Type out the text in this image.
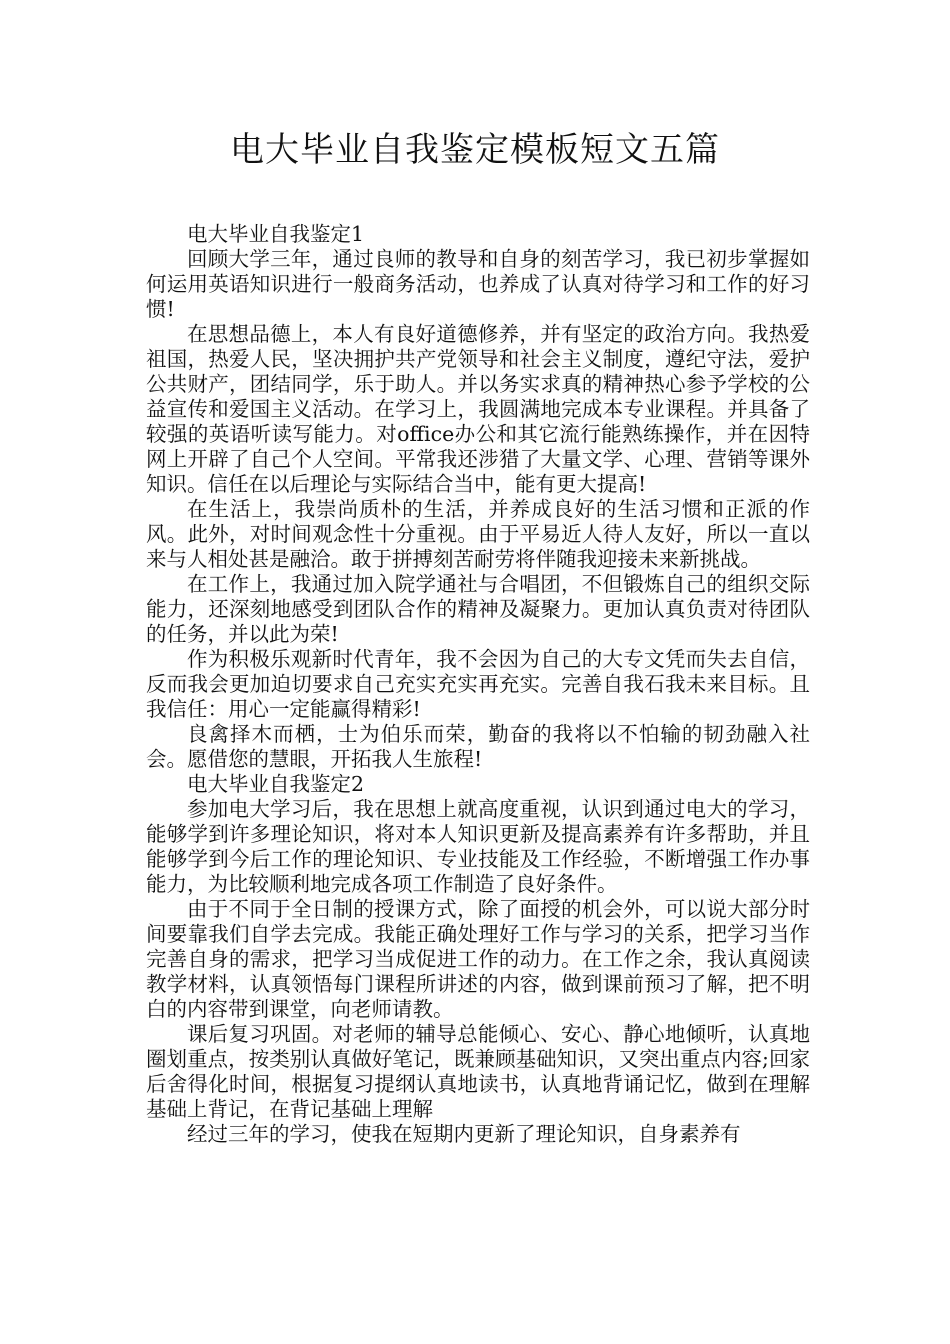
电大毕业自我鉴定模板短文五篇

电大毕业自我鉴定1

回顾大学三年，通过良师的教导和自身的刻苦学习，我已初步掌握如何运用英语知识进行一般商务活动，也养成了认真对待学习和工作的好习惯!

在思想品德上，本人有良好道德修养，并有坚定的政治方向。我热爱祖国，热爱人民，坚决拥护共产党领导和社会主义制度，遵纪守法，爱护公共财产，团结同学，乐于助人。并以务实求真的精神热心参予学校的公益宣传和爱国主义活动。在学习上，我圆满地完成本专业课程。并具备了较强的英语听读写能力。对office办公和其它流行能熟练操作，并在因特网上开辟了自己个人空间。平常我还涉猎了大量文学、心理、营销等课外知识。信任在以后理论与实际结合当中，能有更大提高!

在生活上，我崇尚质朴的生活，并养成良好的生活习惯和正派的作风。此外，对时间观念性十分重视。由于平易近人待人友好，所以一直以来与人相处甚是融洽。敢于拼搏刻苦耐劳将伴随我迎接未来新挑战。

在工作上，我通过加入院学通社与合唱团，不但锻炼自己的组织交际能力，还深刻地感受到团队合作的精神及凝聚力。更加认真负责对待团队的任务，并以此为荣!

作为积极乐观新时代青年，我不会因为自己的大专文凭而失去自信，反而我会更加迫切要求自己充实充实再充实。完善自我石我未来目标。且我信任：用心一定能赢得精彩!

良禽择木而栖，士为伯乐而荣，勤奋的我将以不怕输的韧劲融入社会。愿借您的慧眼，开拓我人生旅程!

电大毕业自我鉴定2

参加电大学习后，我在思想上就高度重视，认识到通过电大的学习，能够学到许多理论知识，将对本人知识更新及提高素养有许多帮助，并且能够学到今后工作的理论知识、专业技能及工作经验，不断增强工作办事能力，为比较顺利地完成各项工作制造了良好条件。

由于不同于全日制的授课方式，除了面授的机会外，可以说大部分时间要靠我们自学去完成。我能正确处理好工作与学习的关系，把学习当作完善自身的需求，把学习当成促进工作的动力。在工作之余，我认真阅读教学材料，认真领悟每门课程所讲述的内容，做到课前预习了解，把不明白的内容带到课堂，向老师请教。

课后复习巩固。对老师的辅导总能倾心、安心、静心地倾听，认真地圈划重点，按类别认真做好笔记，既兼顾基础知识，又突出重点内容;回家后舍得化时间，根据复习提纲认真地读书，认真地背诵记忆，做到在理解基础上背记，在背记基础上理解

经过三年的学习，使我在短期内更新了理论知识，自身素养有
